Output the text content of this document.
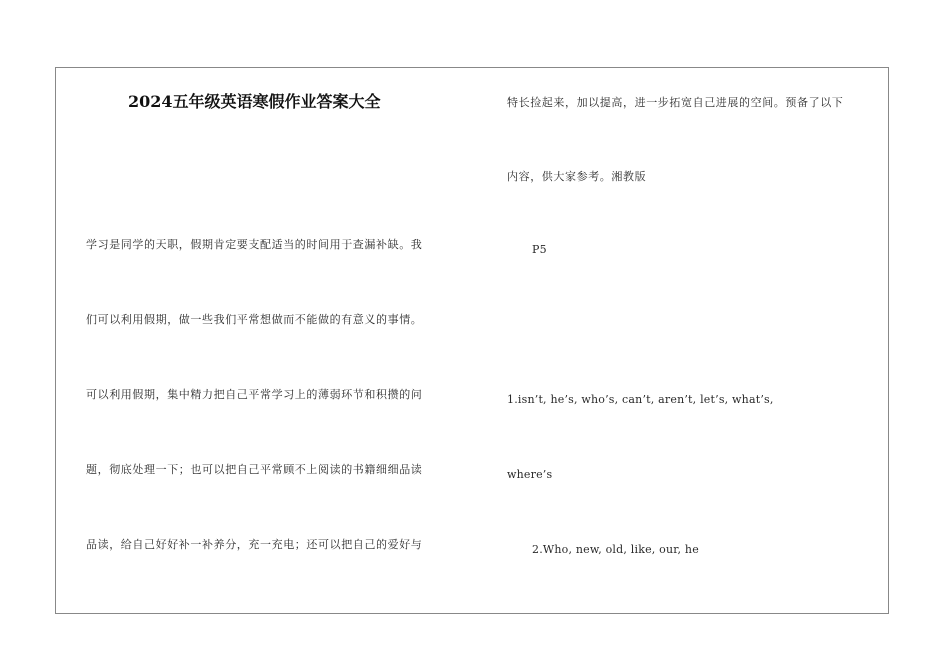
2024五年级英语寒假作业答案大全
学习是同学的天职，假期肯定要支配适当的时间用于查漏补缺。我
们可以利用假期，做一些我们平常想做而不能做的有意义的事情。
可以利用假期，集中精力把自己平常学习上的薄弱环节和积攒的问
题，彻底处理一下；也可以把自己平常顾不上阅读的书籍细细品读
品读，给自己好好补一补养分，充一充电；还可以把自己的爱好与
特长捡起来，加以提高，进一步拓宽自己进展的空间。预备了以下
内容，供大家参考。湘教版
P5
1.isn’t, he’s, who’s, can’t, aren’t, let’s, what’s,
where’s
2.Who, new, old, like, our, he
